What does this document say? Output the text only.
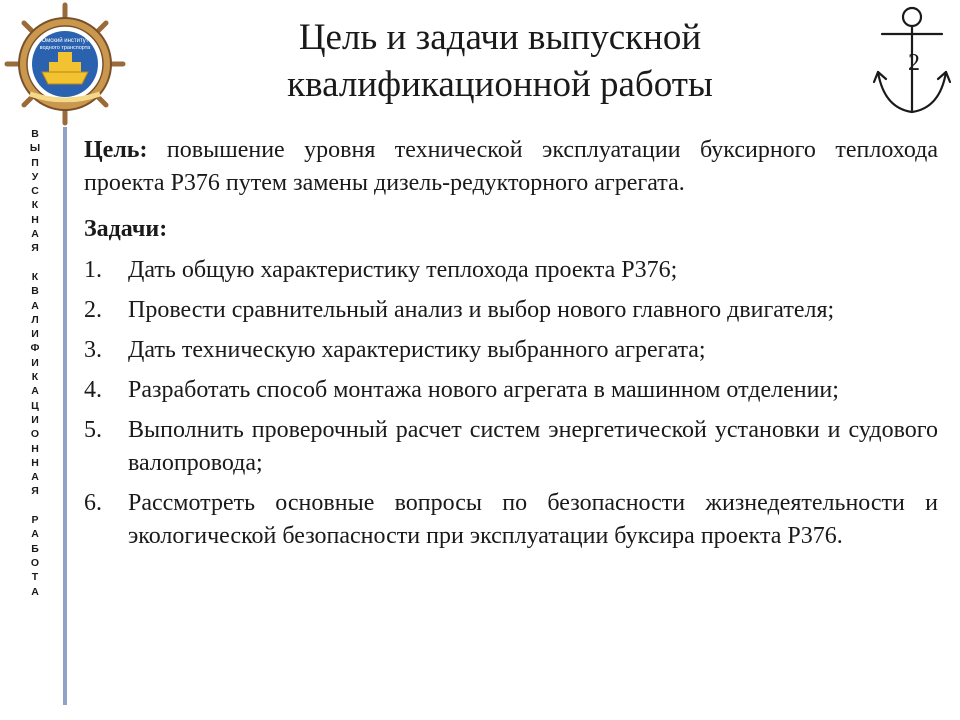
Омский институт
водного транспорта
2
Цель и задачи выпускной
квалификационной работы
В
Ы
П
У
С
К
Н
А
Я

К
В
А
Л
И
Ф
И
К
А
Ц
И
О
Н
Н
А
Я

Р
А
Б
О
Т
А

Цель: повышение уровня технической эксплуатации буксирного теплохода проекта Р376 путем замены дизель-редукторного агрегата.

Задачи:
1. Дать общую характеристику теплохода проекта Р376;
2. Провести сравнительный анализ и выбор нового главного двигателя;
3. Дать техническую характеристику выбранного агрегата;
4. Разработать способ монтажа нового агрегата в машинном отделении;
5. Выполнить проверочный расчет систем энергетической установки и судового валопровода;
6. Рассмотреть основные вопросы по безопасности жизнедеятельности и экологической безопасности при эксплуатации буксира проекта Р376.
